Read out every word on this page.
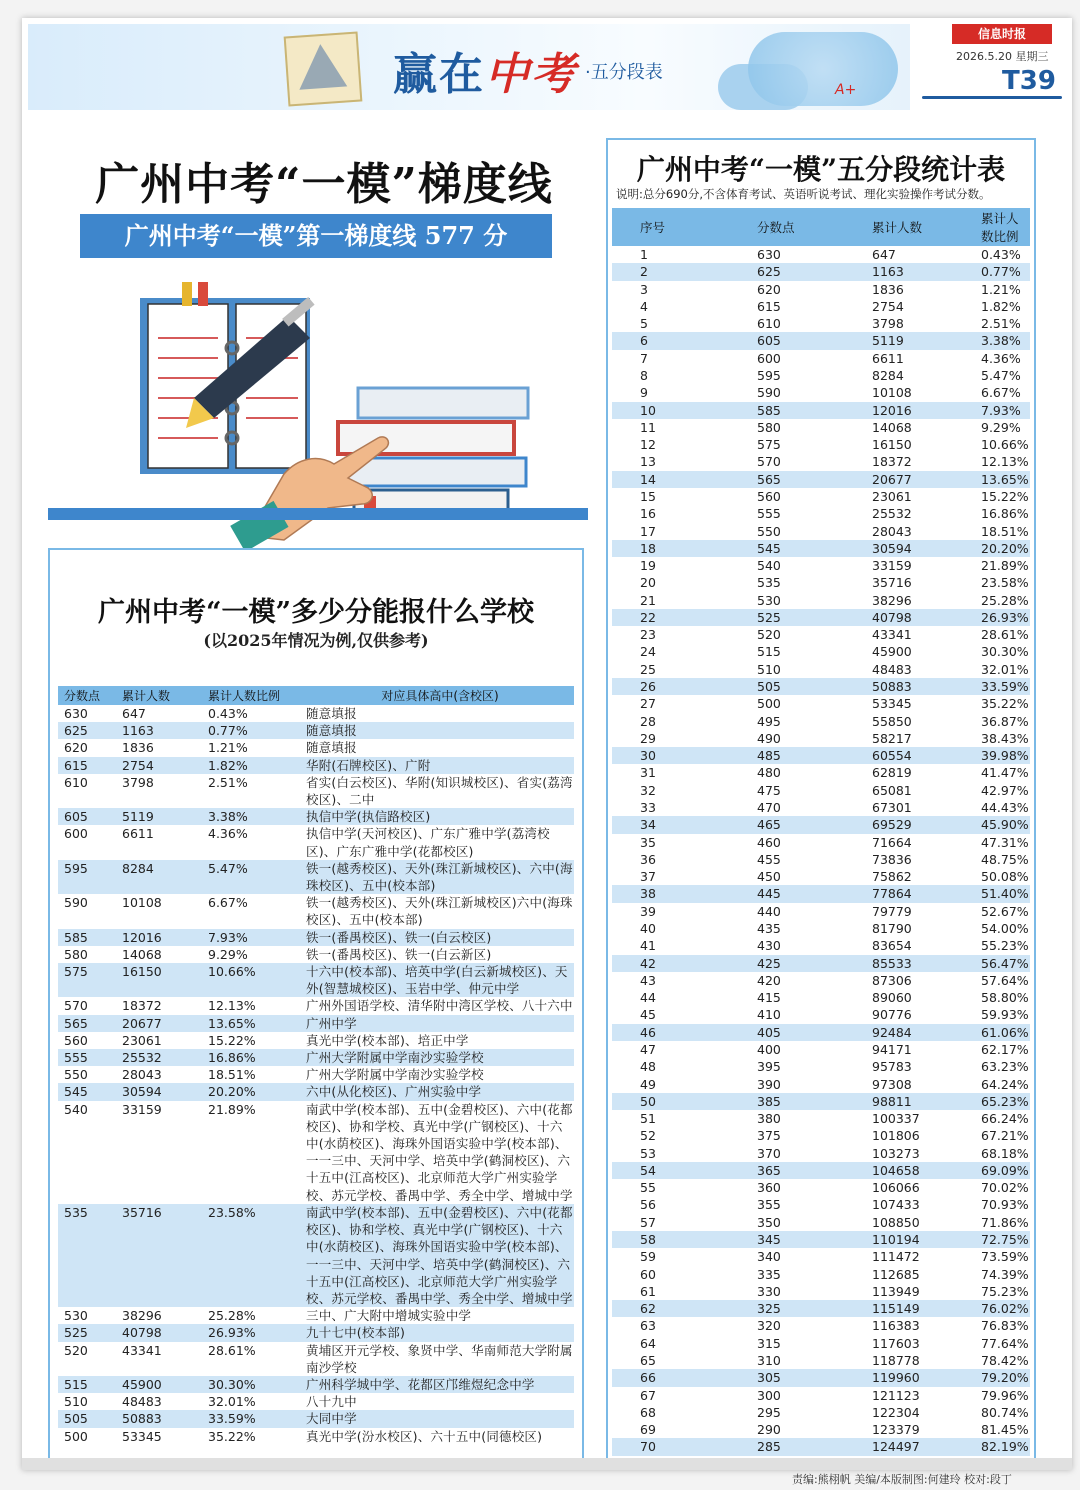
赢在中考 ·五分段表
A+
信息时报
2026.5.20 星期三
T39
广州中考“一模”梯度线
广州中考“一模”第一梯度线 577 分
广州中考“一模”多少分能报什么学校
(以2025年情况为例,仅供参考)
分数点	累计人数	累计人数比例	对应具体高中(含校区)
630	647	0.43%	随意填报
625	1163	0.77%	随意填报
620	1836	1.21%	随意填报
615	2754	1.82%	华附(石牌校区)、广附
610	3798	2.51%	省实(白云校区)、华附(知识城校区)、省实(荔湾校区)、二中
605	5119	3.38%	执信中学(执信路校区)
600	6611	4.36%	执信中学(天河校区)、广东广雅中学(荔湾校区)、广东广雅中学(花都校区)
595	8284	5.47%	铁一(越秀校区)、天外(珠江新城校区)、六中(海珠校区)、五中(校本部)
590	10108	6.67%	铁一(越秀校区)、天外(珠江新城校区)六中(海珠校区)、五中(校本部)
585	12016	7.93%	铁一(番禺校区)、铁一(白云校区)
580	14068	9.29%	铁一(番禺校区)、铁一(白云新区)
575	16150	10.66%	十六中(校本部)、培英中学(白云新城校区)、天外(智慧城校区)、玉岩中学、仲元中学
570	18372	12.13%	广州外国语学校、清华附中湾区学校、八十六中
565	20677	13.65%	广州中学
560	23061	15.22%	真光中学(校本部)、培正中学
555	25532	16.86%	广州大学附属中学南沙实验学校
550	28043	18.51%	广州大学附属中学南沙实验学校
545	30594	20.20%	六中(从化校区)、广州实验中学
540	33159	21.89%	南武中学(校本部)、五中(金碧校区)、六中(花都校区)、协和学校、真光中学(广钢校区)、十六中(水荫校区)、海珠外国语实验中学(校本部)、一一三中、天河中学、培英中学(鹤洞校区)、六十五中(江高校区)、北京师范大学广州实验学校、苏元学校、番禺中学、秀全中学、增城中学
535	35716	23.58%	南武中学(校本部)、五中(金碧校区)、六中(花都校区)、协和学校、真光中学(广钢校区)、十六中(水荫校区)、海珠外国语实验中学(校本部)、一一三中、天河中学、培英中学(鹤洞校区)、六十五中(江高校区)、北京师范大学广州实验学校、苏元学校、番禺中学、秀全中学、增城中学
530	38296	25.28%	三中、广大附中增城实验中学
525	40798	26.93%	九十七中(校本部)
520	43341	28.61%	黄埔区开元学校、象贤中学、华南师范大学附属南沙学校
515	45900	30.30%	广州科学城中学、花都区邝维煜纪念中学
510	48483	32.01%	八十九中
505	50883	33.59%	大同中学
500	53345	35.22%	真光中学(汾水校区)、六十五中(同德校区)
广州中考“一模”五分段统计表
说明:总分690分,不含体育考试、英语听说考试、理化实验操作考试分数。
序号	分数点	累计人数	累计人数比例
1	630	647	0.43%
2	625	1163	0.77%
3	620	1836	1.21%
4	615	2754	1.82%
5	610	3798	2.51%
6	605	5119	3.38%
7	600	6611	4.36%
8	595	8284	5.47%
9	590	10108	6.67%
10	585	12016	7.93%
11	580	14068	9.29%
12	575	16150	10.66%
13	570	18372	12.13%
14	565	20677	13.65%
15	560	23061	15.22%
16	555	25532	16.86%
17	550	28043	18.51%
18	545	30594	20.20%
19	540	33159	21.89%
20	535	35716	23.58%
21	530	38296	25.28%
22	525	40798	26.93%
23	520	43341	28.61%
24	515	45900	30.30%
25	510	48483	32.01%
26	505	50883	33.59%
27	500	53345	35.22%
28	495	55850	36.87%
29	490	58217	38.43%
30	485	60554	39.98%
31	480	62819	41.47%
32	475	65081	42.97%
33	470	67301	44.43%
34	465	69529	45.90%
35	460	71664	47.31%
36	455	73836	48.75%
37	450	75862	50.08%
38	445	77864	51.40%
39	440	79779	52.67%
40	435	81790	54.00%
41	430	83654	55.23%
42	425	85533	56.47%
43	420	87306	57.64%
44	415	89060	58.80%
45	410	90776	59.93%
46	405	92484	61.06%
47	400	94171	62.17%
48	395	95783	63.23%
49	390	97308	64.24%
50	385	98811	65.23%
51	380	100337	66.24%
52	375	101806	67.21%
53	370	103273	68.18%
54	365	104658	69.09%
55	360	106066	70.02%
56	355	107433	70.93%
57	350	108850	71.86%
58	345	110194	72.75%
59	340	111472	73.59%
60	335	112685	74.39%
61	330	113949	75.23%
62	325	115149	76.02%
63	320	116383	76.83%
64	315	117603	77.64%
65	310	118778	78.42%
66	305	119960	79.20%
67	300	121123	79.96%
68	295	122304	80.74%
69	290	123379	81.45%
70	285	124497	82.19%

责编:熊栩帆 美编/本版制图:何建玲 校对:段丁
